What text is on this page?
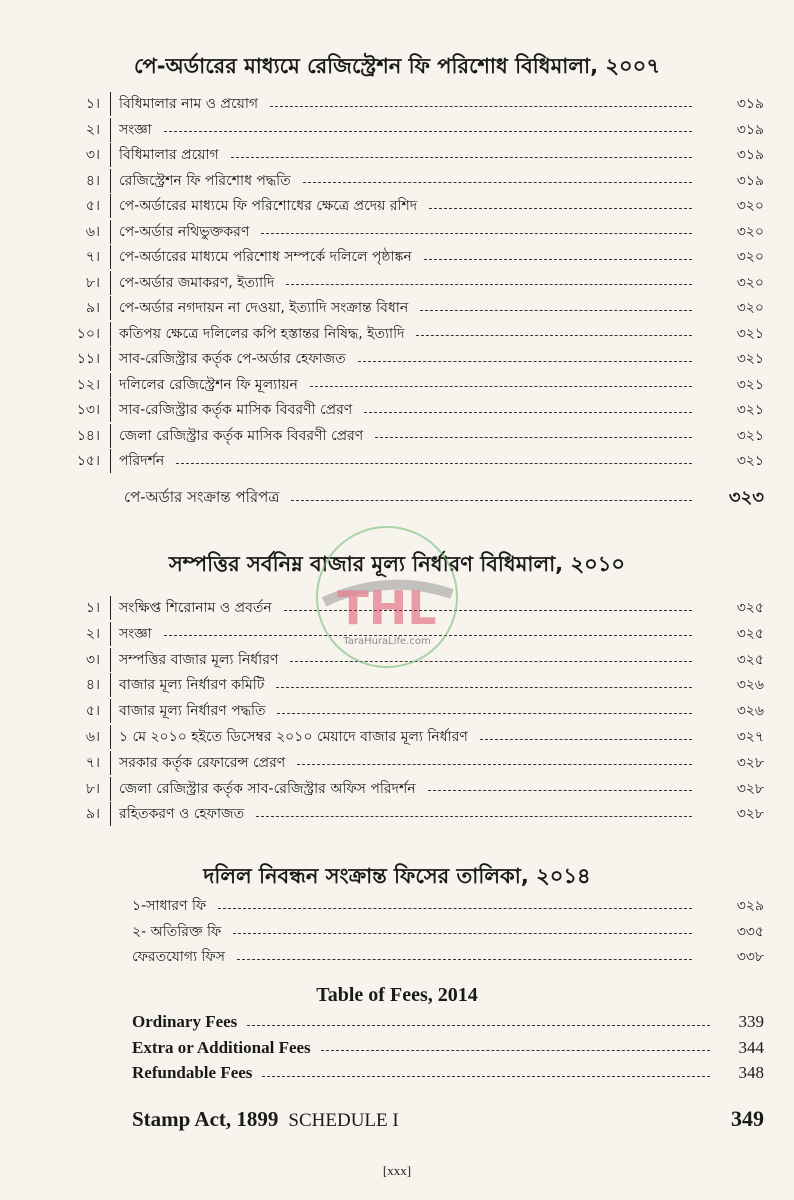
পে-অর্ডারের মাধ্যমে রেজিস্ট্রেশন ফি পরিশোধ বিধিমালা, ২০০৭
১।	বিধিমালার নাম ও প্রয়োগ	৩১৯
২।	সংজ্ঞা	৩১৯
৩।	বিধিমালার প্রয়োগ	৩১৯
৪।	রেজিস্ট্রেশন ফি পরিশোধ পদ্ধতি	৩১৯
৫।	পে-অর্ডারের মাধ্যমে ফি পরিশোধের ক্ষেত্রে প্রদেয় রশিদ	৩২০
৬।	পে-অর্ডার নথিভুক্তকরণ	৩২০
৭।	পে-অর্ডারের মাধ্যমে পরিশোধ সম্পর্কে দলিলে পৃষ্ঠাঙ্কন	৩২০
৮।	পে-অর্ডার জমাকরণ, ইত্যাদি	৩২০
৯।	পে-অর্ডার নগদায়ন না দেওয়া, ইত্যাদি সংক্রান্ত বিধান	৩২০
১০।	কতিপয় ক্ষেত্রে দলিলের কপি হস্তান্তর নিষিদ্ধ, ইত্যাদি	৩২১
১১।	সাব-রেজিস্ট্রার কর্তৃক পে-অর্ডার হেফাজত	৩২১
১২।	দলিলের রেজিস্ট্রেশন ফি মূল্যায়ন	৩২১
১৩।	সাব-রেজিস্ট্রার কর্তৃক মাসিক বিবরণী প্রেরণ	৩২১
১৪।	জেলা রেজিস্ট্রার কর্তৃক মাসিক বিবরণী প্রেরণ	৩২১
১৫।	পরিদর্শন	৩২১
পে-অর্ডার সংক্রান্ত পরিপত্র	৩২৩
সম্পত্তির সর্বনিম্ন বাজার মূল্য নির্ধারণ বিধিমালা, ২০১০
১।	সংক্ষিপ্ত শিরোনাম ও প্রবর্তন	৩২৫
২।	সংজ্ঞা	৩২৫
৩।	সম্পত্তির বাজার মূল্য নির্ধারণ	৩২৫
৪।	বাজার মূল্য নির্ধারণ কমিটি	৩২৬
৫।	বাজার মূল্য নির্ধারণ পদ্ধতি	৩২৬
৬।	১ মে ২০১০ হইতে ডিসেম্বর ২০১০ মেয়াদে বাজার মূল্য নির্ধারণ	৩২৭
৭।	সরকার কর্তৃক রেফারেন্স প্রেরণ	৩২৮
৮।	জেলা রেজিস্ট্রার কর্তৃক সাব-রেজিস্ট্রার অফিস পরিদর্শন	৩২৮
৯।	রহিতকরণ ও হেফাজত	৩২৮
দলিল নিবন্ধন সংক্রান্ত ফিসের তালিকা, ২০১৪
১-সাধারণ ফি	৩২৯
২- অতিরিক্ত ফি	৩৩৫
ফেরতযোগ্য ফিস	৩৩৮
Table of Fees, 2014
Ordinary Fees	339
Extra or Additional Fees	344
Refundable Fees	348
Stamp Act, 1899 SCHEDULE I	349
[xxx]
THL
TaraHuraLife.com
